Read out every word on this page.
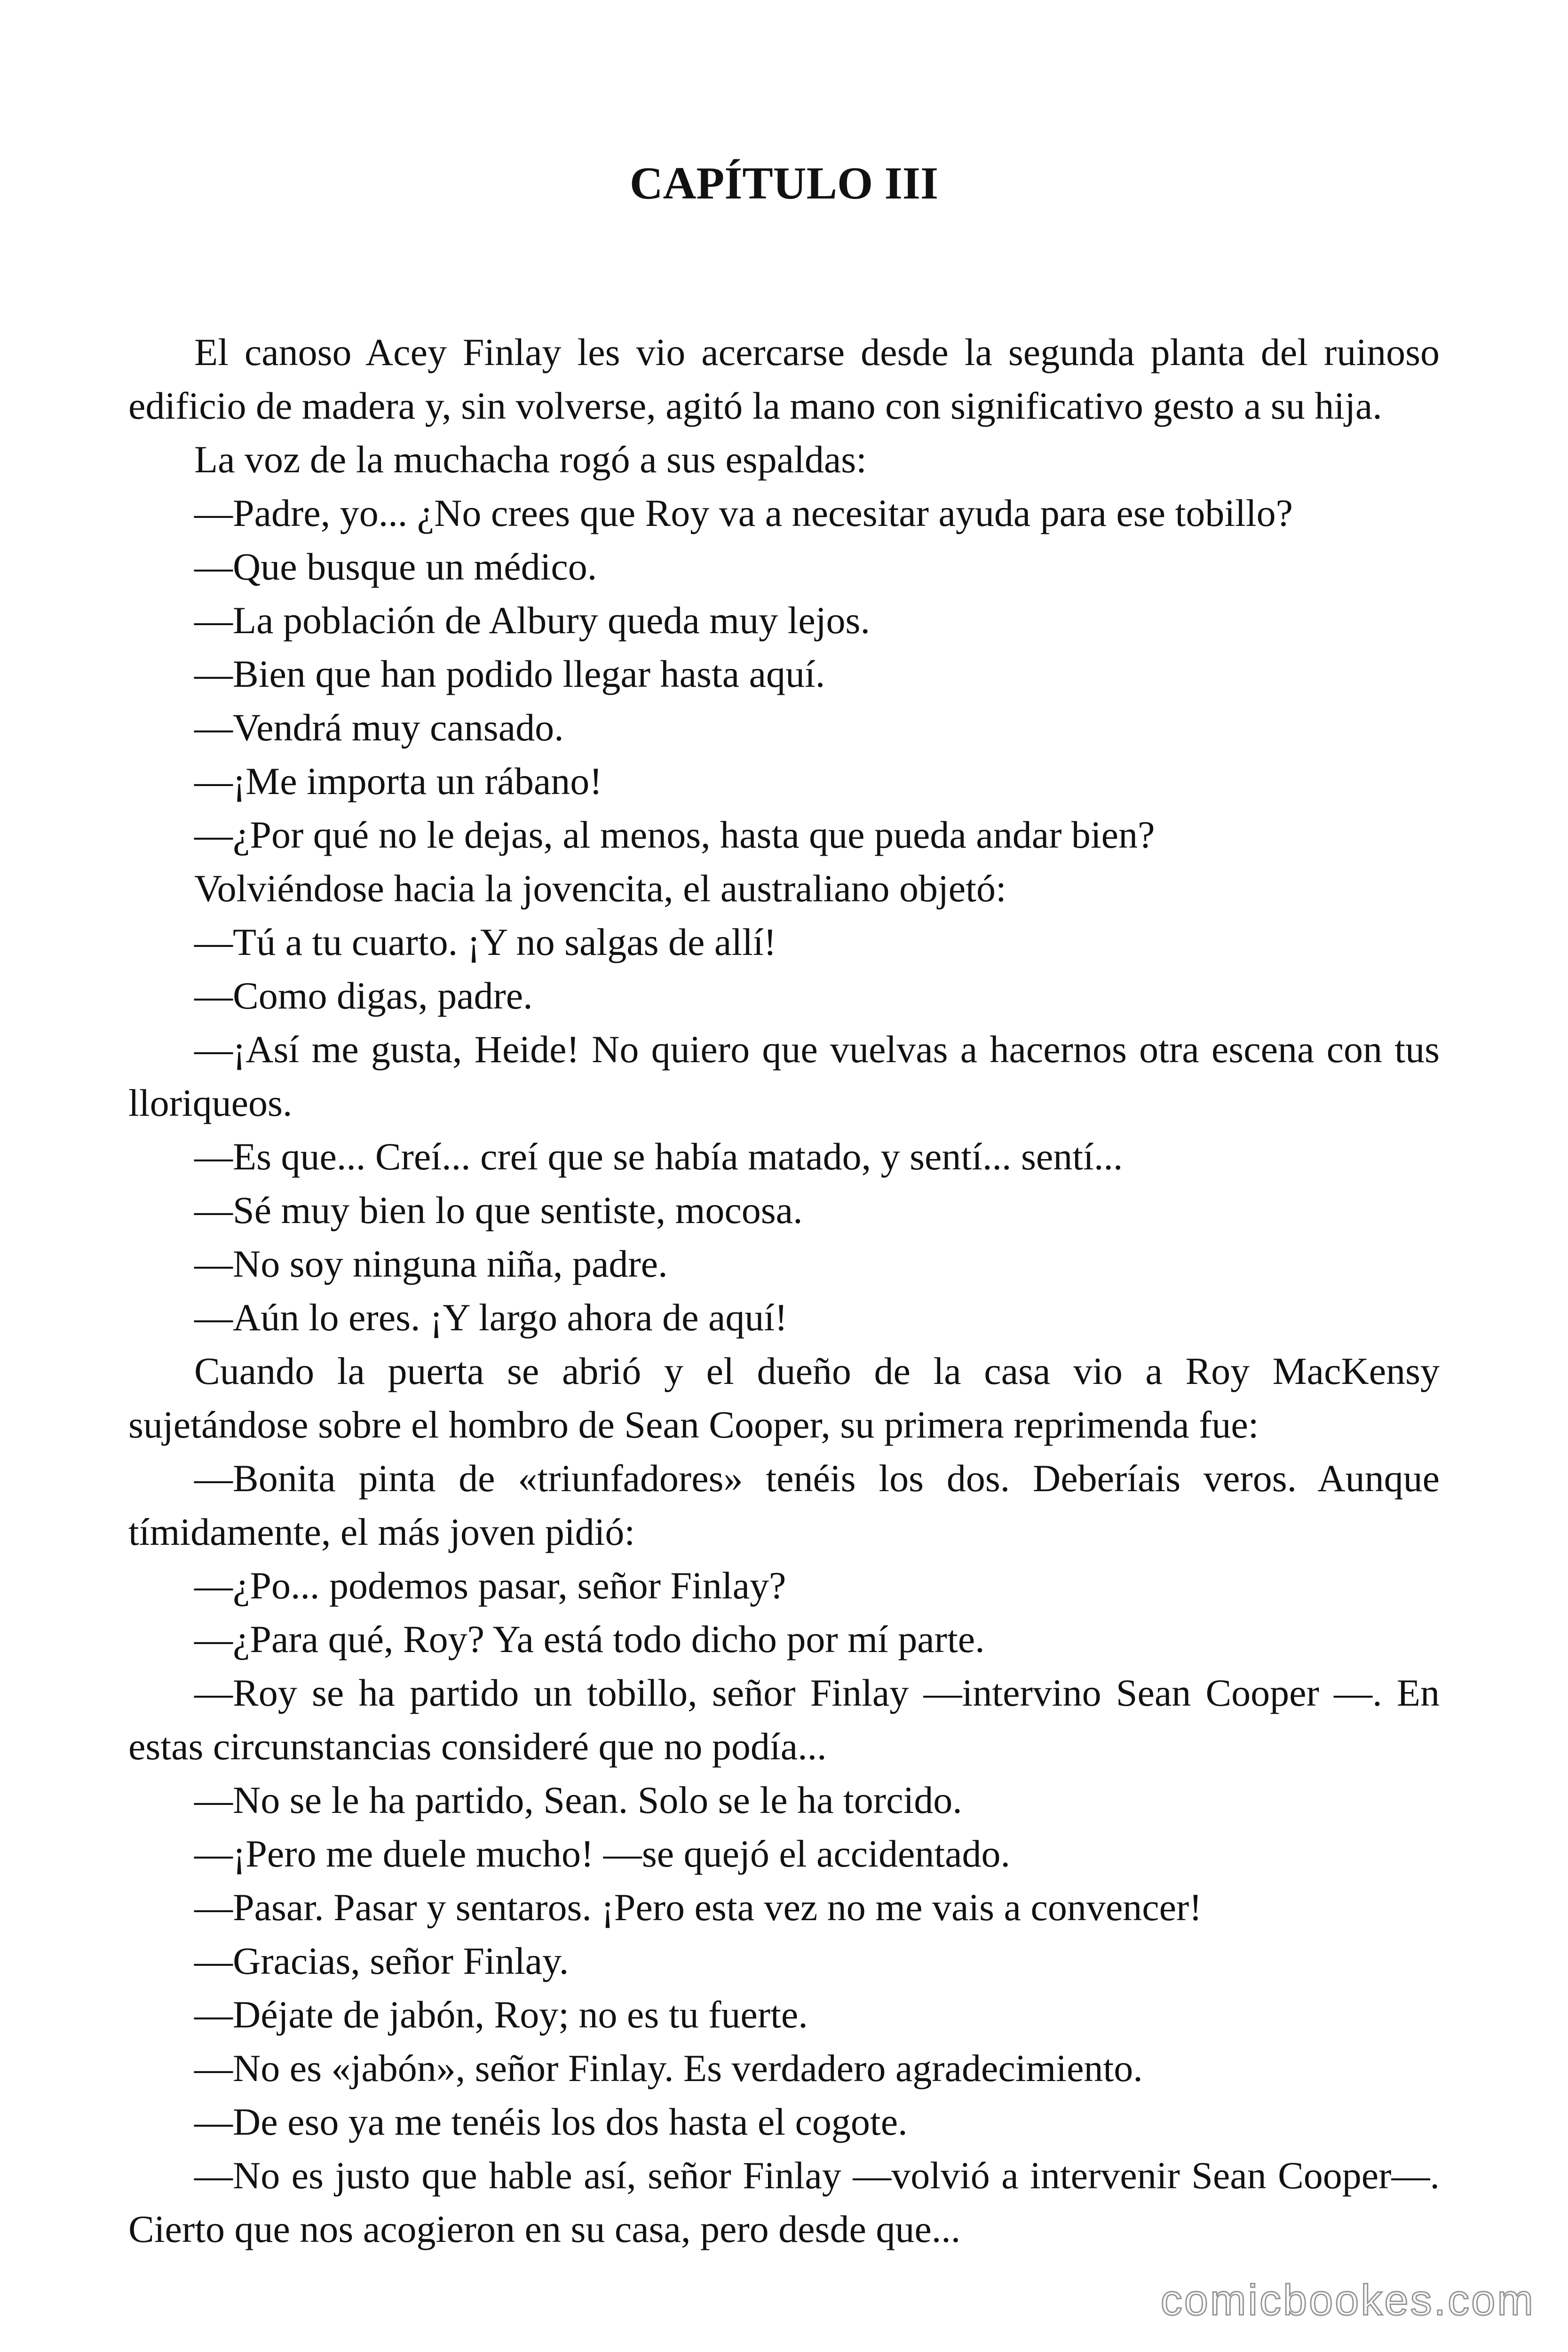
CAPÍTULO III

El canoso Acey Finlay les vio acercarse desde la segunda planta del ruinoso edificio de madera y, sin volverse, agitó la mano con significativo gesto a su hija.

La voz de la muchacha rogó a sus espaldas:

—Padre, yo... ¿No crees que Roy va a necesitar ayuda para ese tobillo?

—Que busque un médico.

—La población de Albury queda muy lejos.

—Bien que han podido llegar hasta aquí.

—Vendrá muy cansado.

—¡Me importa un rábano!

—¿Por qué no le dejas, al menos, hasta que pueda andar bien?

Volviéndose hacia la jovencita, el australiano objetó:

—Tú a tu cuarto. ¡Y no salgas de allí!

—Como digas, padre.

—¡Así me gusta, Heide! No quiero que vuelvas a hacernos otra escena con tus lloriqueos.

—Es que... Creí... creí que se había matado, y sentí... sentí...

—Sé muy bien lo que sentiste, mocosa.

—No soy ninguna niña, padre.

—Aún lo eres. ¡Y largo ahora de aquí!

Cuando la puerta se abrió y el dueño de la casa vio a Roy MacKensy sujetándose sobre el hombro de Sean Cooper, su primera reprimenda fue:

—Bonita pinta de «triunfadores» tenéis los dos. Deberíais veros. Aunque tímidamente, el más joven pidió:

—¿Po... podemos pasar, señor Finlay?

—¿Para qué, Roy? Ya está todo dicho por mí parte.

—Roy se ha partido un tobillo, señor Finlay —intervino Sean Cooper —. En estas circunstancias consideré que no podía...

—No se le ha partido, Sean. Solo se le ha torcido.

—¡Pero me duele mucho! —se quejó el accidentado.

—Pasar. Pasar y sentaros. ¡Pero esta vez no me vais a convencer!

—Gracias, señor Finlay.

—Déjate de jabón, Roy; no es tu fuerte.

—No es «jabón», señor Finlay. Es verdadero agradecimiento.

—De eso ya me tenéis los dos hasta el cogote.

—No es justo que hable así, señor Finlay —volvió a intervenir Sean Cooper—. Cierto que nos acogieron en su casa, pero desde que...

comicbookes.com
